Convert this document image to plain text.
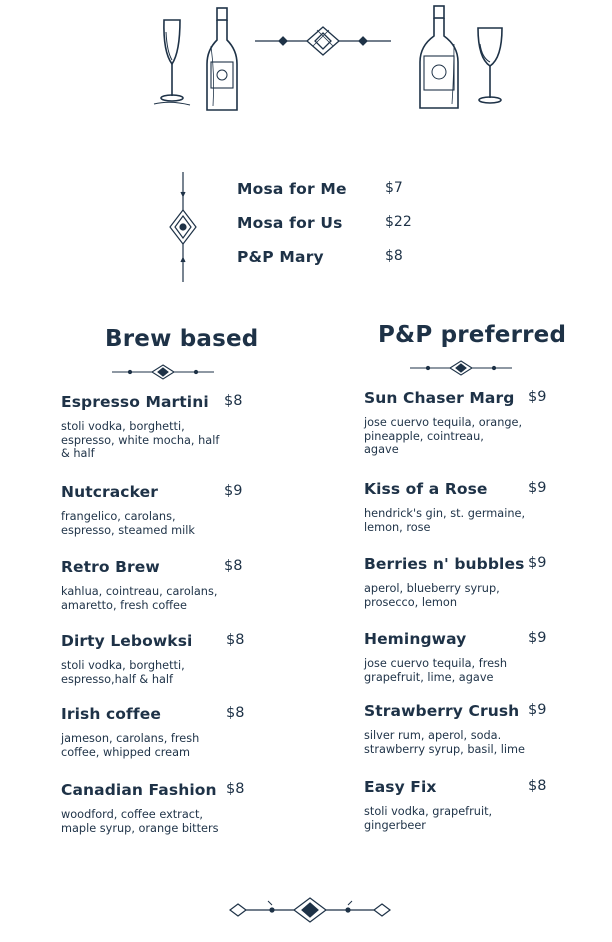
Mosa for Me	$7
Mosa for Us	$22
P&P Mary	$8
Brew based
Espresso Martini $8
stoli vodka, borghetti,
espresso, white mocha, half
& half
Nutcracker	$9
frangelico, carolans,
espresso, steamed milk
Retro Brew	$8
kahlua, cointreau, carolans,
amaretto, fresh coffee
Dirty Lebowksi $8
stoli vodka, borghetti,
espresso,half & half
Irish coffee	$8
jameson, carolans, fresh
coffee, whipped cream
Canadian Fashion $8
woodford, coffee extract,
maple syrup, orange bitters
P&P preferred
Sun Chaser Marg $9
jose cuervo tequila, orange,
pineapple, cointreau,
agave
Kiss of a Rose	$9
hendrick's gin, st. germaine,
lemon, rose
Berries n' bubbles $9
aperol, blueberry syrup,
prosecco, lemon
Hemingway	$9
jose cuervo tequila, fresh
grapefruit, lime, agave
Strawberry Crush $9
silver rum, aperol, soda.
strawberry syrup, basil, lime
Easy Fix	$8
stoli vodka, grapefruit,
gingerbeer
